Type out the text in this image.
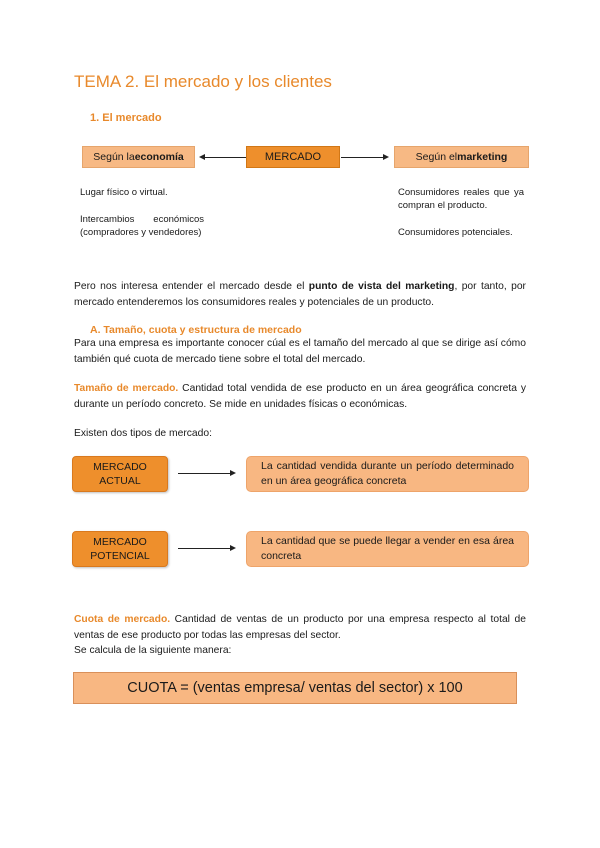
TEMA 2. El mercado y los clientes
1. El mercado
Según la economía	MERCADO	Según el marketing
Lugar físico o virtual.
Intercambios económicos (compradores y vendedores)
Consumidores reales que ya compran el producto.
Consumidores potenciales.
Pero nos interesa entender el mercado desde el punto de vista del marketing, por tanto, por mercado entenderemos los consumidores reales y potenciales de un producto.
A. Tamaño, cuota y estructura de mercado
Para una empresa es importante conocer cúal es el tamaño del mercado al que se dirige así cómo también qué cuota de mercado tiene sobre el total del mercado.
Tamaño de mercado. Cantidad total vendida de ese producto en un área geográfica concreta y durante un período concreto. Se mide en unidades físicas o económicas.
Existen dos tipos de mercado:
MERCADO ACTUAL
La cantidad vendida durante un período determinado en un área geográfica concreta
MERCADO POTENCIAL
La cantidad que se puede llegar a vender en esa área concreta
Cuota de mercado. Cantidad de ventas de un producto por una empresa respecto al total de ventas de ese producto por todas las empresas del sector.
Se calcula de la siguiente manera:
CUOTA = (ventas empresa/ ventas del sector) x 100
